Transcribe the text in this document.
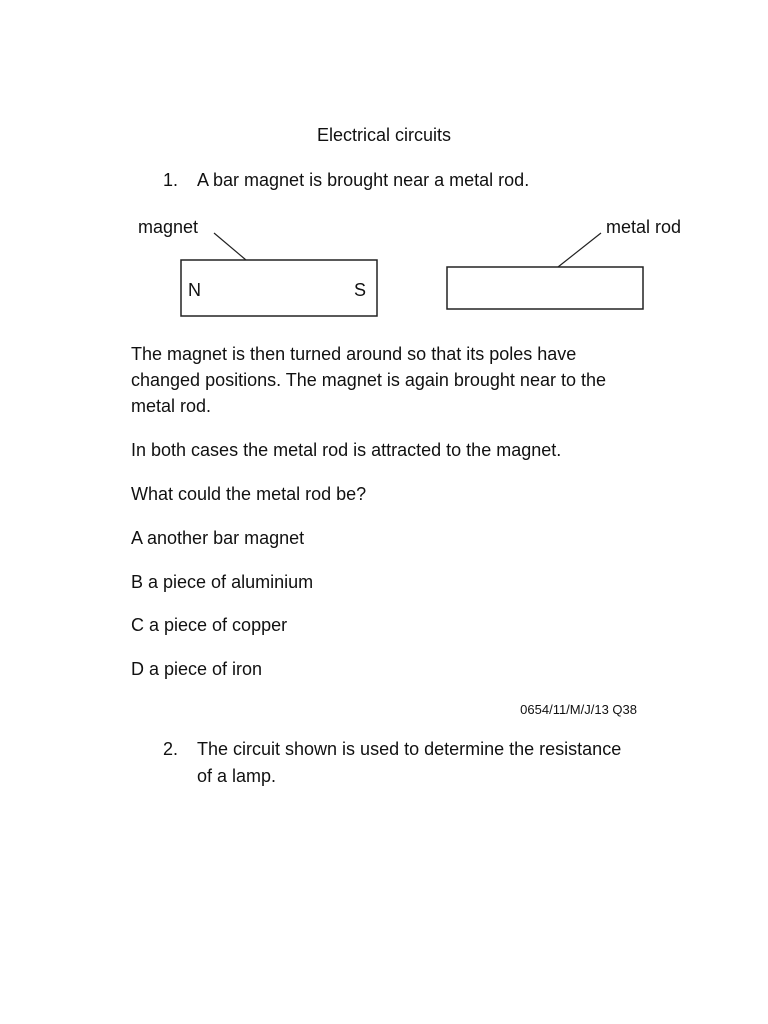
Electrical circuits
1. A bar magnet is brought near a metal rod.
magnet
N	S
metal rod
The magnet is then turned around so that its poles have changed positions. The magnet is again brought near to the metal rod.
In both cases the metal rod is attracted to the magnet.
What could the metal rod be?
A another bar magnet
B a piece of aluminium
C a piece of copper
D a piece of iron
0654/11/M/J/13 Q38
2. The circuit shown is used to determine the resistance
of a lamp.
